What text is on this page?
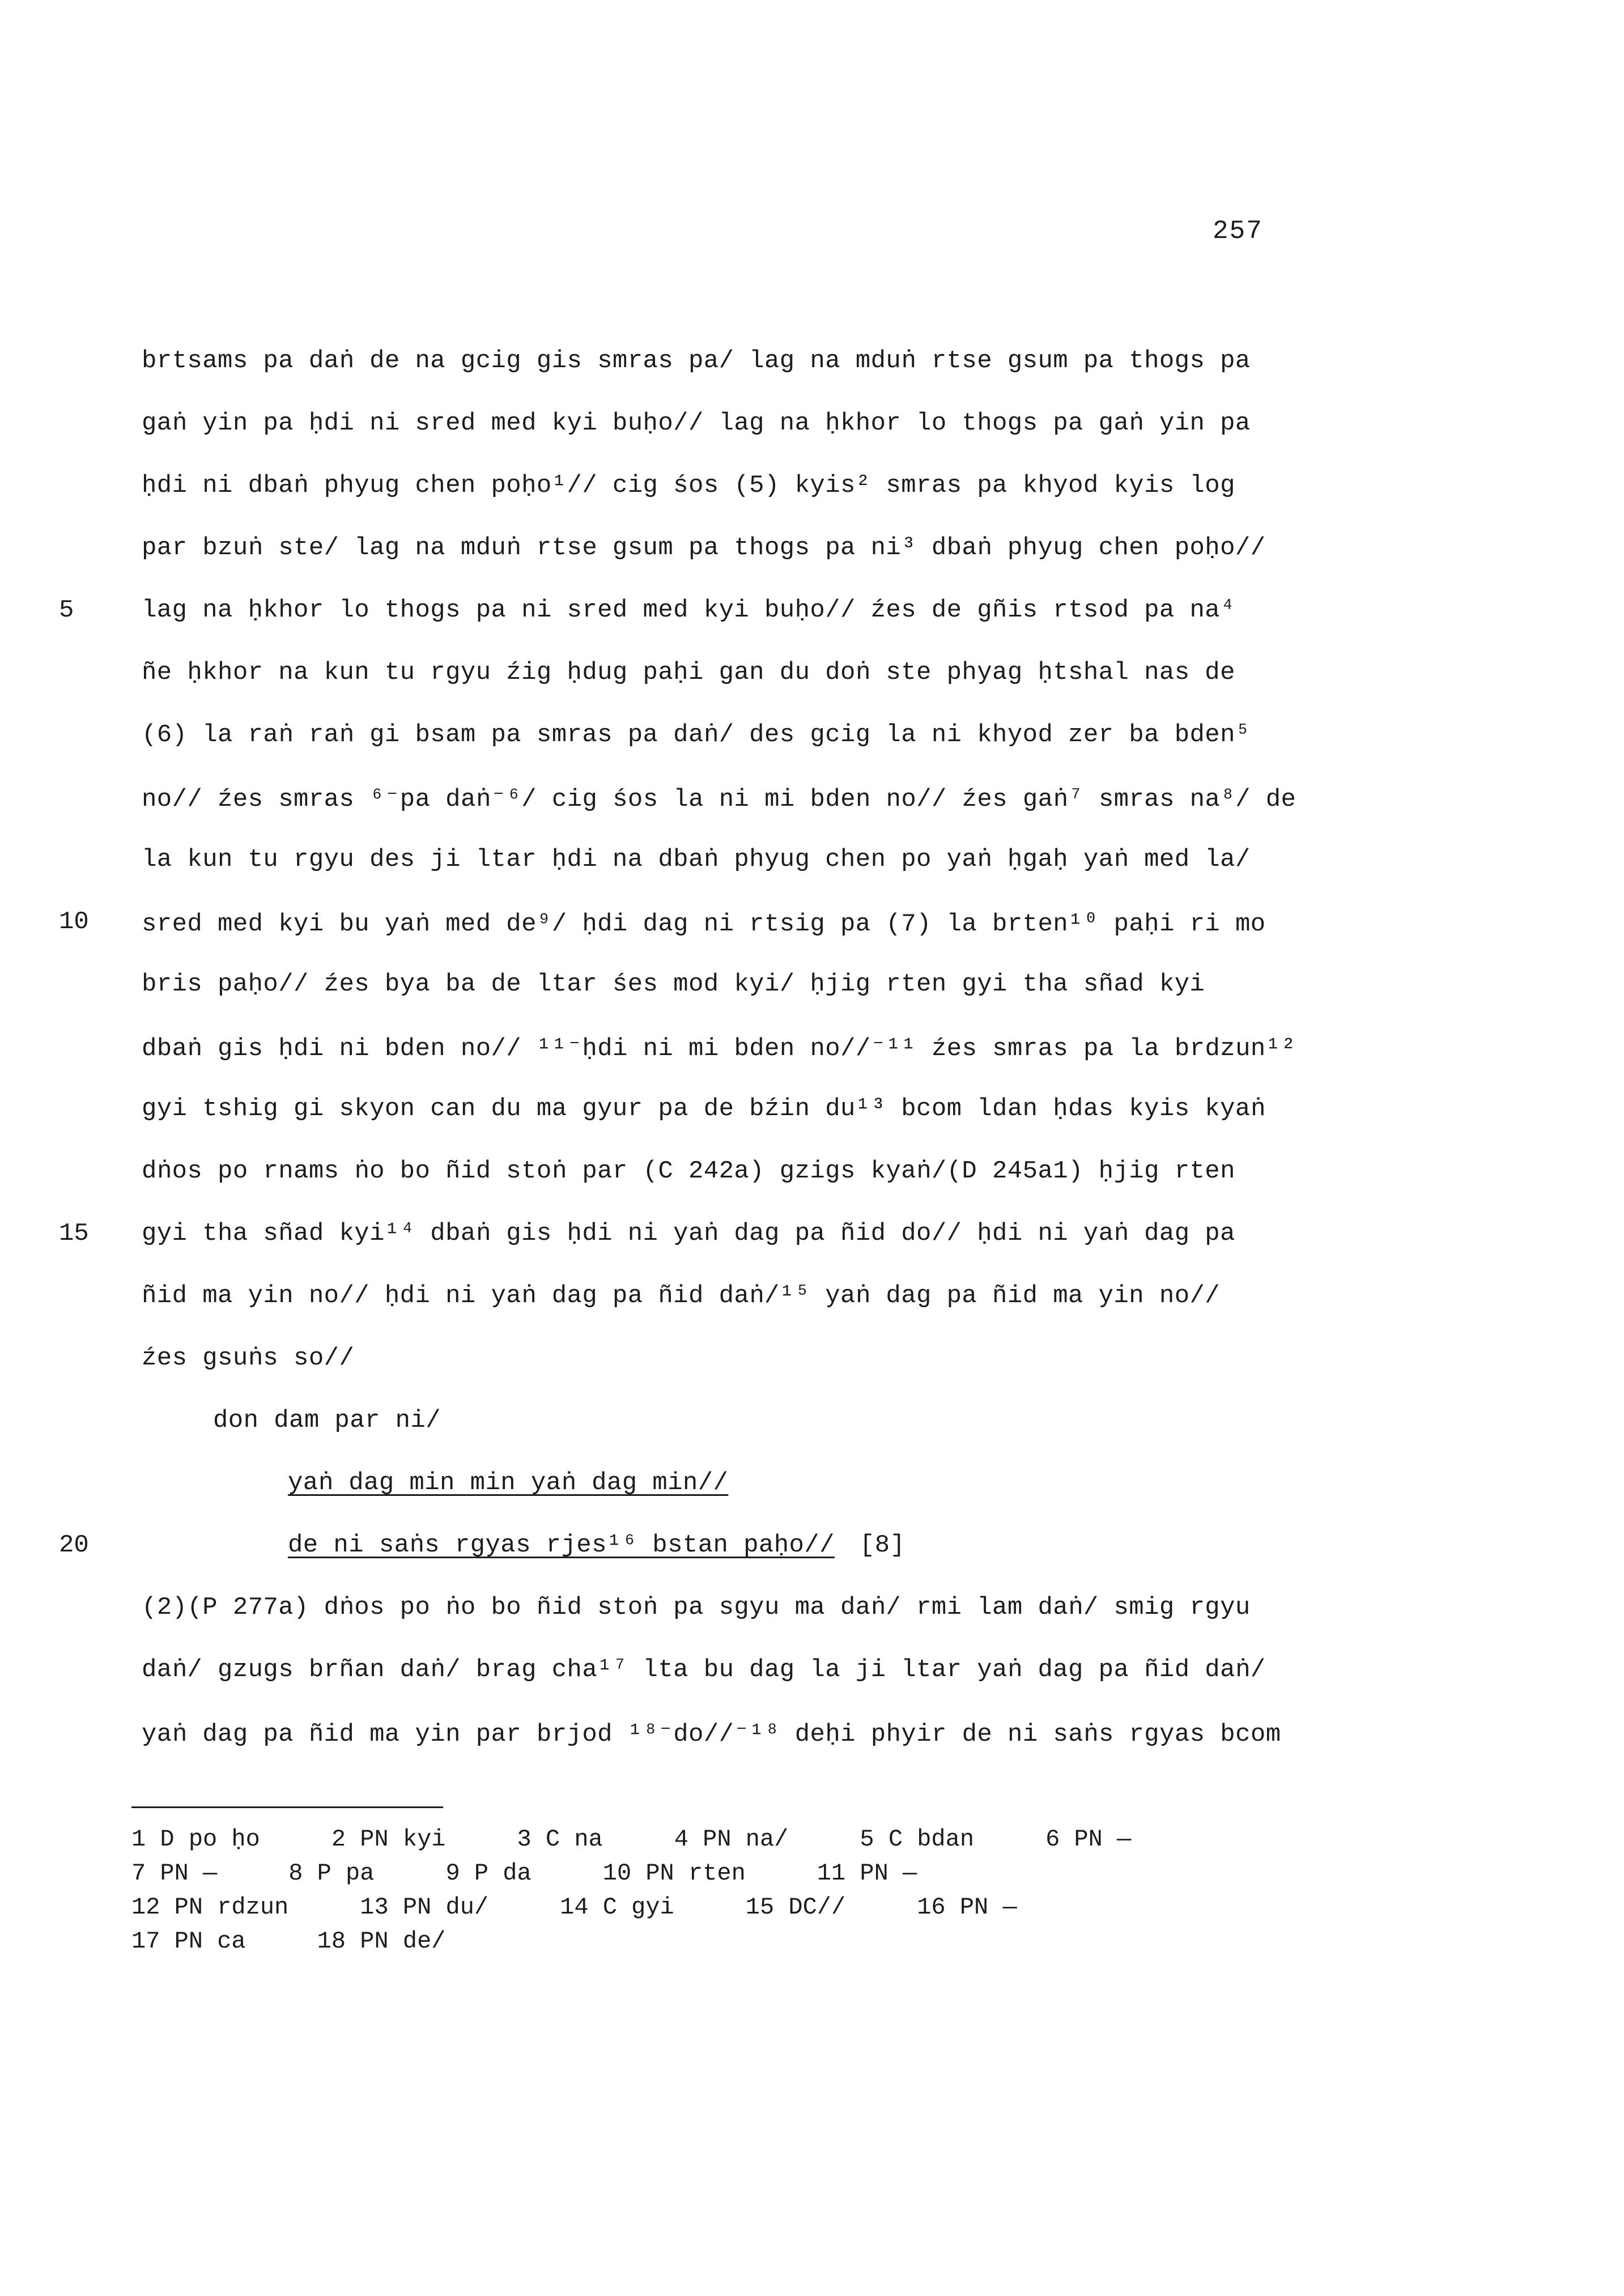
257
brtsams pa daṅ de na gcig gis smras pa/ lag na mduṅ rtse gsum pa thogs pa
gaṅ yin pa ḥdi ni sred med kyi buḥo// lag na ḥkhor lo thogs pa gaṅ yin pa
ḥdi ni dbaṅ phyug chen poḥo¹// cig śos (5) kyis² smras pa khyod kyis log
par bzuṅ ste/ lag na mduṅ rtse gsum pa thogs pa ni³ dbaṅ phyug chen poḥo//
5	lag na ḥkhor lo thogs pa ni sred med kyi buḥo// źes de gñis rtsod pa na⁴
ñe ḥkhor na kun tu rgyu źig ḥdug paḥi gan du doṅ ste phyag ḥtshal nas de
(6) la raṅ raṅ gi bsam pa smras pa daṅ/ des gcig la ni khyod zer ba bden⁵
no// źes smras ⁶⁻pa daṅ⁻⁶/ cig śos la ni mi bden no// źes gaṅ⁷ smras na⁸/ de
la kun tu rgyu des ji ltar ḥdi na dbaṅ phyug chen po yaṅ ḥgaḥ yaṅ med la/
10 sred med kyi bu yaṅ med de⁹/ ḥdi dag ni rtsig pa (7) la brten¹⁰ paḥi ri mo
bris paḥo// źes bya ba de ltar śes mod kyi/ ḥjig rten gyi tha sñad kyi
dbaṅ gis ḥdi ni bden no// ¹¹⁻ḥdi ni mi bden no//⁻¹¹ źes smras pa la brdzun¹²
gyi tshig gi skyon can du ma gyur pa de bźin du¹³ bcom ldan ḥdas kyis kyaṅ
dṅos po rnams ṅo bo ñid stoṅ par (C 242a) gzigs kyaṅ/(D 245a1) ḥjig rten
15 gyi tha sñad kyi¹⁴ dbaṅ gis ḥdi ni yaṅ dag pa ñid do// ḥdi ni yaṅ dag pa
ñid ma yin no// ḥdi ni yaṅ dag pa ñid daṅ/¹⁵ yaṅ dag pa ñid ma yin no//
źes gsuṅs so//
don dam par ni/
yaṅ dag min min yaṅ dag min//
20	de ni saṅs rgyas rjes¹⁶ bstan paḥo// [8]
(2)(P 277a) dṅos po ṅo bo ñid stoṅ pa sgyu ma daṅ/ rmi lam daṅ/ smig rgyu
daṅ/ gzugs brñan daṅ/ brag cha¹⁷ lta bu dag la ji ltar yaṅ dag pa ñid daṅ/
yaṅ dag pa ñid ma yin par brjod ¹⁸⁻do//⁻¹⁸ deḥi phyir de ni saṅs rgyas bcom
1 D po ḥo     2 PN kyi     3 C na     4 PN na/     5 C bdan     6 PN —
7 PN —     8 P pa     9 P da     10 PN rten     11 PN —
12 PN rdzun     13 PN du/     14 C gyi     15 DC//     16 PN —
17 PN ca     18 PN de/
